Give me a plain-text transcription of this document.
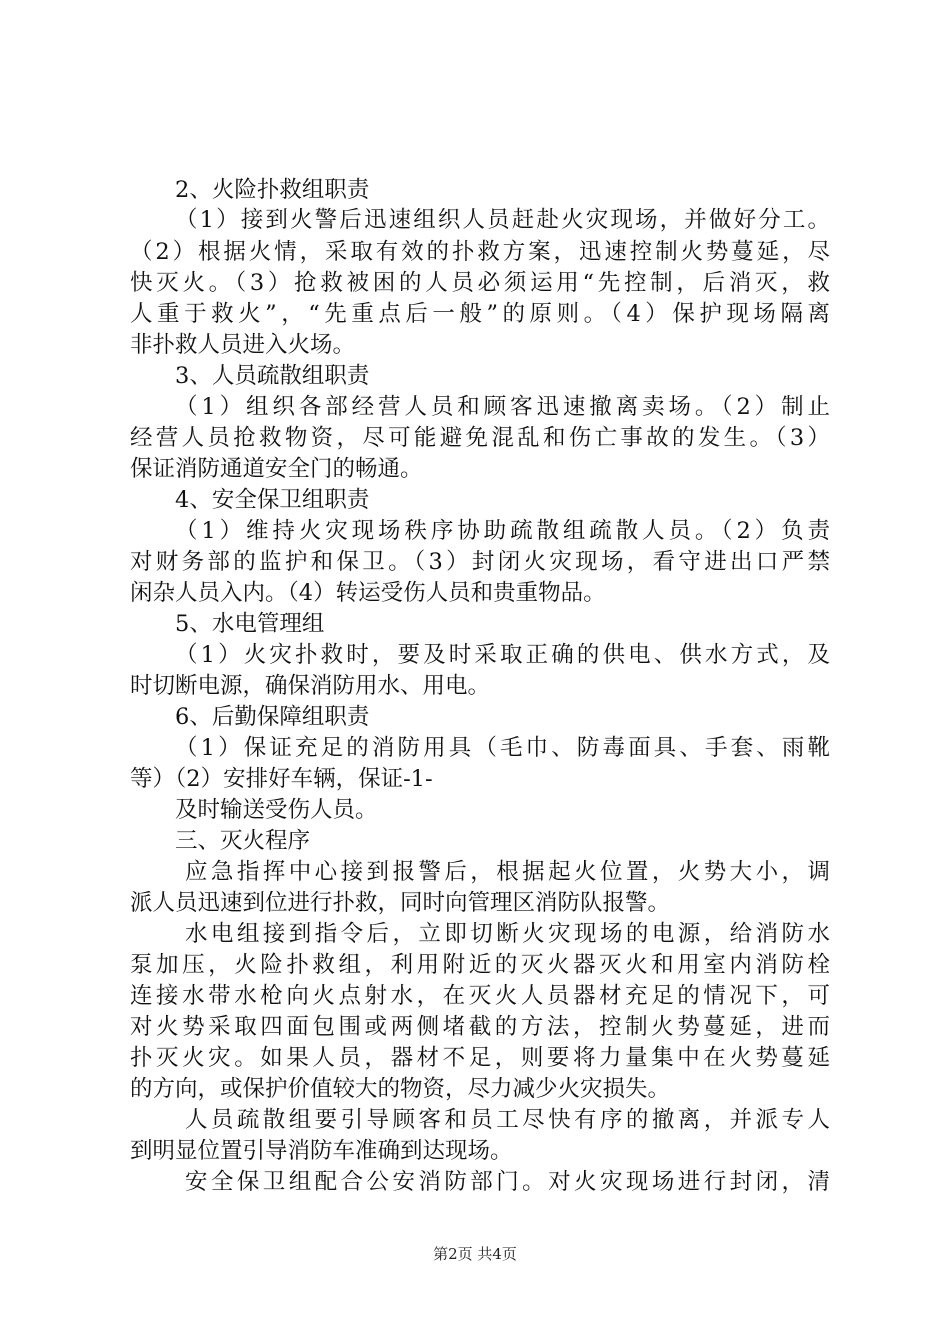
2、火险扑救组职责
（1）接到火警后迅速组织人员赶赴火灾现场，并做好分工。
（2）根据火情，采取有效的扑救方案，迅速控制火势蔓延，尽
快灭火。（3）抢救被困的人员必须运用“先控制，后消灭，救
人重于救火”，“先重点后一般”的原则。（4）保护现场隔离
非扑救人员进入火场。
3、人员疏散组职责
（1）组织各部经营人员和顾客迅速撤离卖场。（2）制止
经营人员抢救物资，尽可能避免混乱和伤亡事故的发生。（3）
保证消防通道安全门的畅通。
4、安全保卫组职责
（1）维持火灾现场秩序协助疏散组疏散人员。（2）负责
对财务部的监护和保卫。（3）封闭火灾现场，看守进出口严禁
闲杂人员入内。（4）转运受伤人员和贵重物品。
5、水电管理组
（1）火灾扑救时，要及时采取正确的供电、供水方式，及
时切断电源，确保消防用水、用电。
6、后勤保障组职责
（1）保证充足的消防用具（毛巾、防毒面具、手套、雨靴
等）（2）安排好车辆，保证-1-
及时输送受伤人员。
三、灭火程序
应急指挥中心接到报警后，根据起火位置，火势大小，调
派人员迅速到位进行扑救，同时向管理区消防队报警。
水电组接到指令后，立即切断火灾现场的电源，给消防水
泵加压，火险扑救组，利用附近的灭火器灭火和用室内消防栓
连接水带水枪向火点射水，在灭火人员器材充足的情况下，可
对火势采取四面包围或两侧堵截的方法，控制火势蔓延，进而
扑灭火灾。如果人员，器材不足，则要将力量集中在火势蔓延
的方向，或保护价值较大的物资，尽力减少火灾损失。
人员疏散组要引导顾客和员工尽快有序的撤离，并派专人
到明显位置引导消防车准确到达现场。
安全保卫组配合公安消防部门。对火灾现场进行封闭，清
第2页 共4页
